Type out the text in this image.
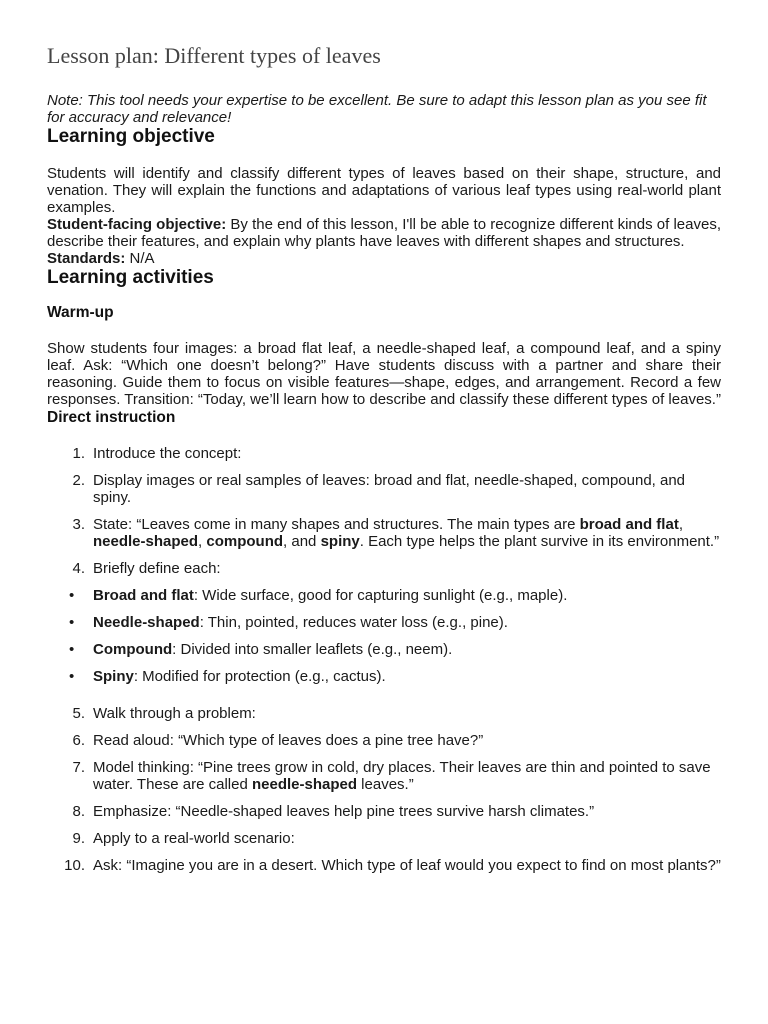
Lesson plan: Different types of leaves

Note: This tool needs your expertise to be excellent. Be sure to adapt this lesson plan as you see fit for accuracy and relevance!

Learning objective

Students will identify and classify different types of leaves based on their shape, structure, and venation. They will explain the functions and adaptations of various leaf types using real-world plant examples.

Student-facing objective: By the end of this lesson, I'll be able to recognize different kinds of leaves, describe their features, and explain why plants have leaves with different shapes and structures.

Standards: N/A

Learning activities
Warm-up

Show students four images: a broad flat leaf, a needle-shaped leaf, a compound leaf, and a spiny leaf. Ask: “Which one doesn’t belong?” Have students discuss with a partner and share their reasoning. Guide them to focus on visible features—shape, edges, and arrangement. Record a few responses. Transition: “Today, we’ll learn how to describe and classify these different types of leaves.”

Direct instruction
1. Introduce the concept:
2. Display images or real samples of leaves: broad and flat, needle-shaped, compound, and spiny.
3. State: “Leaves come in many shapes and structures. The main types are broad and flat, needle-shaped, compound, and spiny. Each type helps the plant survive in its environment.”
4. Briefly define each:
• Broad and flat: Wide surface, good for capturing sunlight (e.g., maple).
• Needle-shaped: Thin, pointed, reduces water loss (e.g., pine).
• Compound: Divided into smaller leaflets (e.g., neem).
• Spiny: Modified for protection (e.g., cactus).
5. Walk through a problem:
6. Read aloud: “Which type of leaves does a pine tree have?”
7. Model thinking: “Pine trees grow in cold, dry places. Their leaves are thin and pointed to save water. These are called needle-shaped leaves.”
8. Emphasize: “Needle-shaped leaves help pine trees survive harsh climates.”
9. Apply to a real-world scenario:
10. Ask: “Imagine you are in a desert. Which type of leaf would you expect to find on most plants?”
